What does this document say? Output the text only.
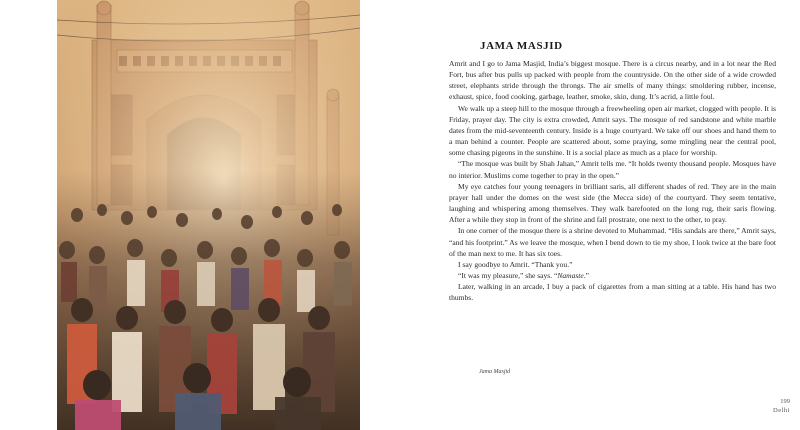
JAMA MASJID

Amrit and I go to Jama Masjid, India’s biggest mosque. There is a circus nearby, and in a lot near the Red Fort, bus after bus pulls up packed with people from the countryside. On the other side of a wide crowded street, elephants stride through the throngs. The air smells of many things: smoldering rubber, incense, exhaust, spice, food cooking, garbage, leather, smoke, skin, dung. It’s acrid, a little foul.

We walk up a steep hill to the mosque through a freewheeling open air market, clogged with people. It is Friday, prayer day. The city is extra crowded, Amrit says. The mosque of red sandstone and white marble dates from the mid-seventeenth century. Inside is a huge courtyard. We take off our shoes and hand them to a man behind a counter. People are scattered about, some praying, some mingling near the central pool, some chasing pigeons in the sunshine. It is a social place as much as a place for worship.

“The mosque was built by Shah Jahan,” Amrit tells me. “It holds twenty thousand people. Mosques have no interior. Muslims come together to pray in the open.”

My eye catches four young teenagers in brilliant saris, all different shades of red. They are in the main prayer hall under the domes on the west side (the Mecca side) of the courtyard. They seem tentative, laughing and whispering among themselves. They walk barefooted on the long rug, their saris flowing. After a while they stop in front of the shrine and fall prostrate, one next to the other, to pray.

In one corner of the mosque there is a shrine devoted to Muhammad. “His sandals are there,” Amrit says, “and his footprint.” As we leave the mosque, when I bend down to tie my shoe, I look twice at the bare foot of the man next to me. It has six toes.

I say goodbye to Amrit. “Thank you.”

“It was my pleasure,” she says. “Namaste.”

Later, walking in an arcade, I buy a pack of cigarettes from a man sitting at a table. His hand has two thumbs.

Jama Masjid
199
Delhi
